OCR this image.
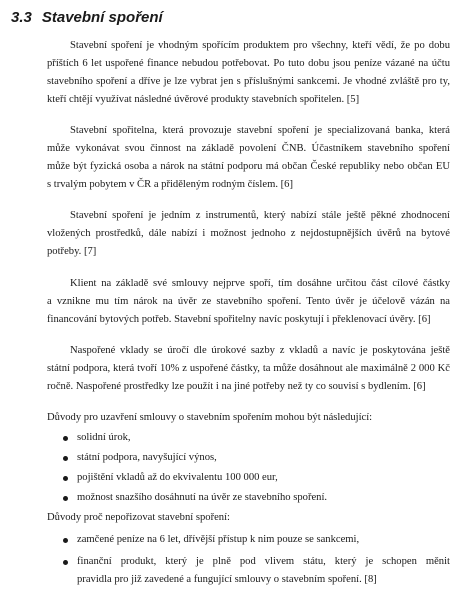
3.3 Stavební spoření
Stavební spoření je vhodným spořícím produktem pro všechny, kteří vědí, že po dobu
příštích 6 let uspořené finance nebudou potřebovat. Po tuto dobu jsou peníze vázané na účtu
stavebního spoření a dříve je lze vybrat jen s příslušnými sankcemi. Je vhodné zvláště pro ty,
kteří chtějí využívat následné úvěrové produkty stavebních spořitelen. [5]
Stavební spořitelna, která provozuje stavební spoření je specializovaná banka, která
může vykonávat svou činnost na základě povolení ČNB. Účastníkem stavebního spoření
může být fyzická osoba a nárok na státní podporu má občan České republiky nebo občan EU
s trvalým pobytem v ČR a přiděleným rodným číslem. [6]
Stavební spoření je jedním z instrumentů, který nabízí stále ještě pěkné zhodnocení
vložených prostředků, dále nabízí i možnost jednoho z nejdostupnějších úvěrů na bytové
potřeby. [7]
Klient na základě své smlouvy nejprve spoří, tím dosáhne určitou část cílové částky
a vznikne mu tím nárok na úvěr ze stavebního spoření. Tento úvěr je účelově vázán na
financování bytových potřeb. Stavební spořitelny navíc poskytují i překlenovací úvěry. [6]
Naspořené vklady se úročí dle úrokové sazby z vkladů a navíc je poskytována ještě
státní podpora, která tvoří 10% z uspořené částky, ta může dosáhnout ale maximálně 2 000 Kč
ročně. Naspořené prostředky lze použít i na jiné potřeby než ty co souvisí s bydlením. [6]
Důvody pro uzavření smlouvy o stavebním spořením mohou být následující:
solidní úrok,
státní podpora, navyšující výnos,
pojištění vkladů až do ekvivalentu 100 000 eur,
možnost snazšího dosáhnutí na úvěr ze stavebního spoření.
Důvody proč nepořizovat stavební spoření:
zamčené peníze na 6 let, dřívější přístup k nim pouze se sankcemi,
finanční produkt, který je plně pod vlivem státu, který je schopen měnit
pravidla pro již zavedené a fungující smlouvy o stavebním spoření. [8]
